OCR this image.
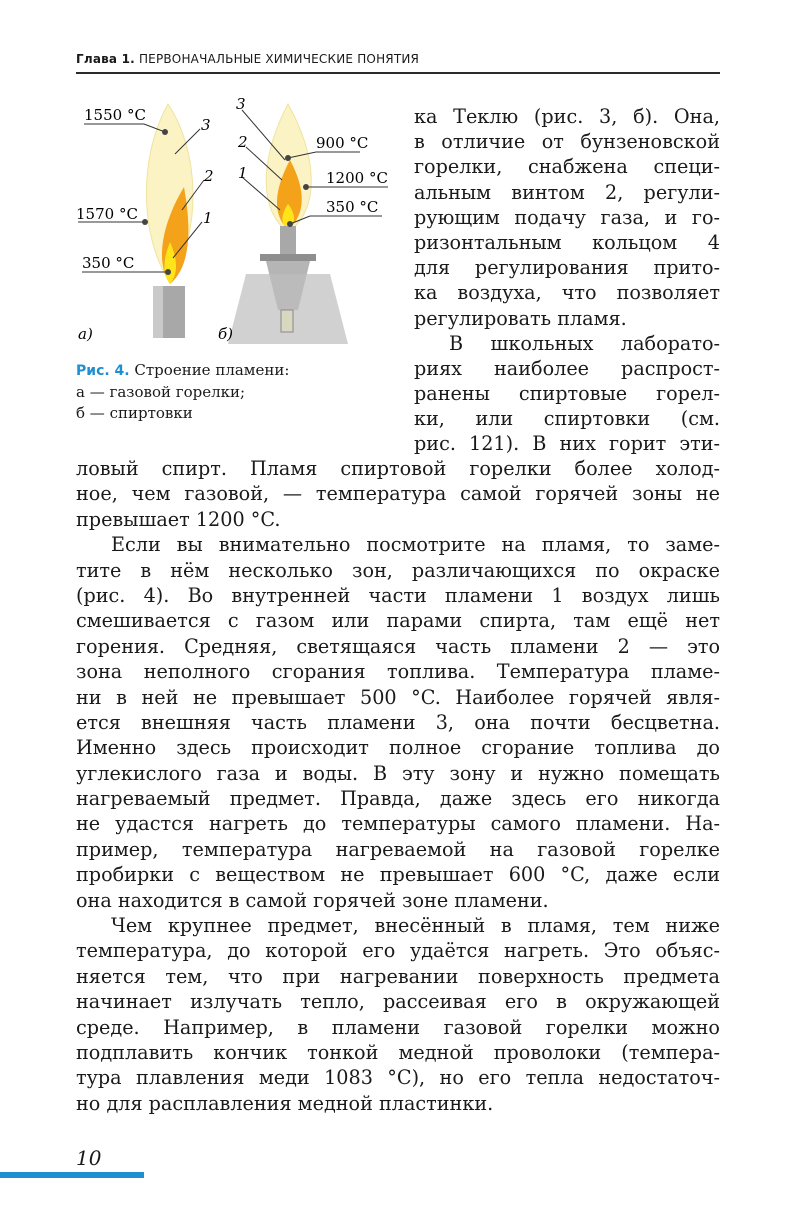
Глава 1. ПЕРВОНАЧАЛЬНЫЕ ХИМИЧЕСКИЕ ПОНЯТИЯ
1550 °C
3
2
1570 °C	1
350 °C
а)
3
900 °C
2
1200 °C
1
350 °C
б)
Рис. 4. Строение пламени:
а — газовой горелки;
б — спиртовки
ка Теклю (рис. 3, б). Она,
в отличие от бунзеновской
горелки, снабжена специ-
альным винтом 2, регули-
рующим подачу газа, и го-
ризонтальным кольцом 4
для регулирования прито-
ка воздуха, что позволяет
регулировать пламя.
В школьных лаборато-
риях наиболее распрост-
ранены спиртовые горел-
ки, или спиртовки (см.
рис. 121). В них горит эти-
ловый спирт. Пламя спиртовой горелки более холод-
ное, чем газовой, — температура самой горячей зоны не
превышает 1200 °C.
Если вы внимательно посмотрите на пламя, то заме-
тите в нём несколько зон, различающихся по окраске
(рис. 4). Во внутренней части пламени 1 воздух лишь
смешивается с газом или парами спирта, там ещё нет
горения. Средняя, светящаяся часть пламени 2 — это
зона неполного сгорания топлива. Температура пламе-
ни в ней не превышает 500 °C. Наиболее горячей явля-
ется внешняя часть пламени 3, она почти бесцветна.
Именно здесь происходит полное сгорание топлива до
углекислого газа и воды. В эту зону и нужно помещать
нагреваемый предмет. Правда, даже здесь его никогда
не удастся нагреть до температуры самого пламени. На-
пример, температура нагреваемой на газовой горелке
пробирки с веществом не превышает 600 °C, даже если
она находится в самой горячей зоне пламени.
Чем крупнее предмет, внесённый в пламя, тем ниже
температура, до которой его удаётся нагреть. Это объяс-
няется тем, что при нагревании поверхность предмета
начинает излучать тепло, рассеивая его в окружающей
среде. Например, в пламени газовой горелки можно
подплавить кончик тонкой медной проволоки (темпера-
тура плавления меди 1083 °C), но его тепла недостаточ-
но для расплавления медной пластинки.
10
